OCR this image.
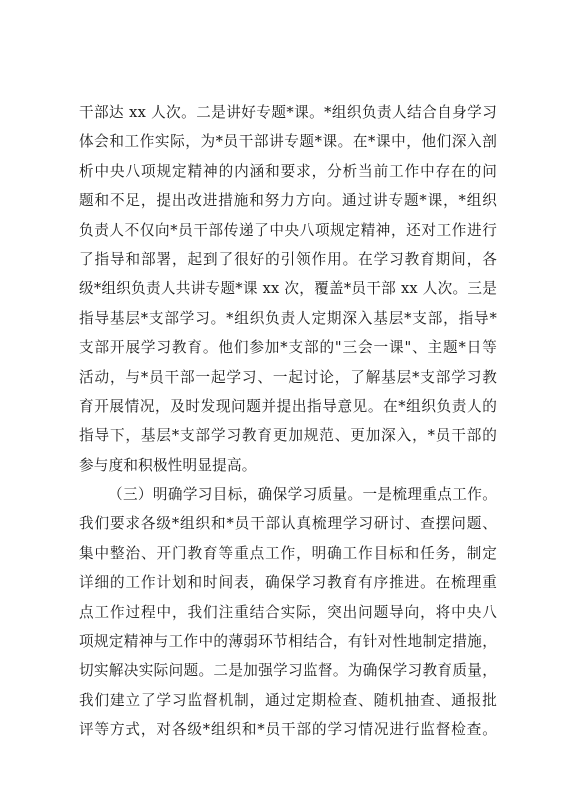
干部达 xx 人次。二是讲好专题*课。*组织负责人结合自身学习
体会和工作实际，为*员干部讲专题*课。在*课中，他们深入剖
析中央八项规定精神的内涵和要求，分析当前工作中存在的问
题和不足，提出改进措施和努力方向。通过讲专题*课，*组织
负责人不仅向*员干部传递了中央八项规定精神，还对工作进行
了指导和部署，起到了很好的引领作用。在学习教育期间，各
级*组织负责人共讲专题*课 xx 次，覆盖*员干部 xx 人次。三是
指导基层*支部学习。*组织负责人定期深入基层*支部，指导*
支部开展学习教育。他们参加*支部的"三会一课"、主题*日等
活动，与*员干部一起学习、一起讨论，了解基层*支部学习教
育开展情况，及时发现问题并提出指导意见。在*组织负责人的
指导下，基层*支部学习教育更加规范、更加深入，*员干部的
参与度和积极性明显提高。
（三）明确学习目标，确保学习质量。一是梳理重点工作。
我们要求各级*组织和*员干部认真梳理学习研讨、查摆问题、
集中整治、开门教育等重点工作，明确工作目标和任务，制定
详细的工作计划和时间表，确保学习教育有序推进。在梳理重
点工作过程中，我们注重结合实际，突出问题导向，将中央八
项规定精神与工作中的薄弱环节相结合，有针对性地制定措施，
切实解决实际问题。二是加强学习监督。为确保学习教育质量，
我们建立了学习监督机制，通过定期检查、随机抽查、通报批
评等方式，对各级*组织和*员干部的学习情况进行监督检查。
